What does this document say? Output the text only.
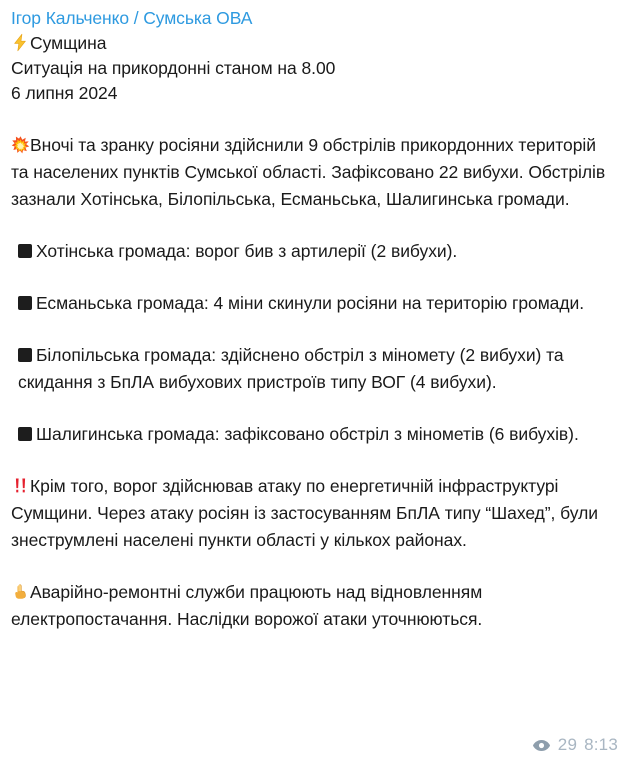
Ігор Кальченко / Сумська ОВА
Сумщина
Ситуація на прикордонні станом на 8.00
6 липня 2024

Вночі та зранку росіяни здійснили 9 обстрілів прикордонних територій та населених пунктів Сумської області. Зафіксовано 22 вибухи. Обстрілів зазнали Хотінська, Білопільська, Есманьська, Шалигинська громади.

Хотінська громада: ворог бив з артилерії (2 вибухи).

Есманьська громада: 4 міни скинули росіяни на територію громади.

Білопільська громада: здійснено обстріл з міномету (2 вибухи) та скидання з БпЛА вибухових пристроїв типу ВОГ (4 вибухи).

Шалигинська громада: зафіксовано обстріл з мінометів (6 вибухів).

Крім того, ворог здійснював атаку по енергетичній інфраструктурі Сумщини. Через атаку росіян із застосуванням БпЛА типу “Шахед”, були знеструмлені населені пункти області у кількох районах.

Аварійно-ремонтні служби працюють над відновленням електропостачання. Наслідки ворожої атаки уточнюються.

29 8:13
